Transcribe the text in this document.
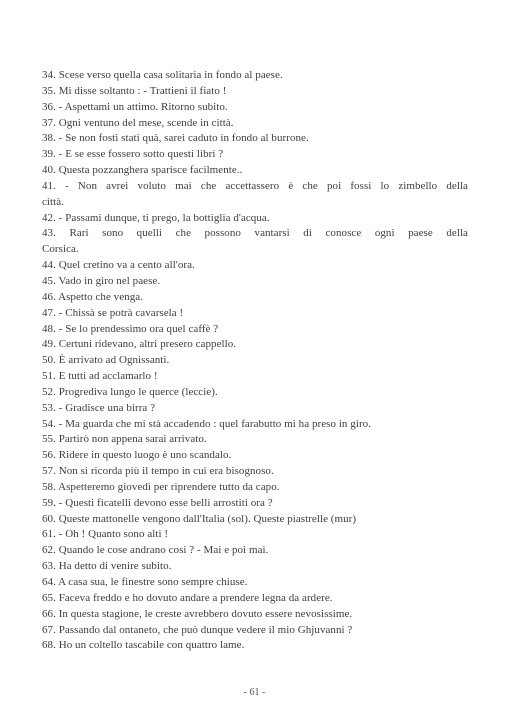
34. Scese verso quella casa solitaria in fondo al paese.
35. Mi disse soltanto : - Trattieni il fiato !
36. - Aspettami un attimo. Ritorno subito.
37. Ogni ventuno del mese, scende in città.
38. - Se non fosti stati quà, sarei caduto in fondo al burrone.
39. - E se esse fossero sotto questi libri ?
40. Questa pozzanghera sparisce facilmente..
41. - Non avrei voluto mai che accettassero è che poi fossi lo zimbello della
città.
42. - Passami dunque, ti prego, la bottiglia d'acqua.
43. Rari sono quelli che possono vantarsi di conosce ogni paese della
Corsica.
44. Quel cretino va a cento all'ora.
45. Vado in giro nel paese.
46. Aspetto che venga.
47. - Chissà se potrà cavarsela !
48. - Se lo prendessimo ora quel caffè ?
49. Certuni ridevano, altri presero cappello.
50. È arrivato ad Ognissanti.
51. E tutti ad acclamarlo !
52. Progrediva lungo le querce (leccie).
53. - Gradisce una birra ?
54. - Ma guarda che mi stà accadendo : quel farabutto mi ha preso in giro.
55. Partirò non appena sarai arrivato.
56. Ridere in questo luogo è uno scandalo.
57. Non si ricorda più il tempo in cui era bisognoso.
58. Aspetteremo giovedi per riprendere tutto da capo.
59. - Questi ficatelli devono esse belli arrostiti ora ?
60. Queste mattonelle vengono dall'Italia (sol). Queste piastrelle (mur)
61. - Oh ! Quanto sono alti !
62. Quando le cose andrano cosi ? - Mai e poi mai.
63. Ha detto di venire subito.
64. A casa sua, le finestre sono sempre chiuse.
65. Faceva freddo e ho dovuto andare a prendere legna da ardere.
66. In questa stagione, le creste avrebbero dovuto essere nevosissime.
67. Passando dal ontaneto, che può dunque vedere il mio Ghjuvanni ?
68. Ho un coltello tascabile con quattro lame.
- 61 -
